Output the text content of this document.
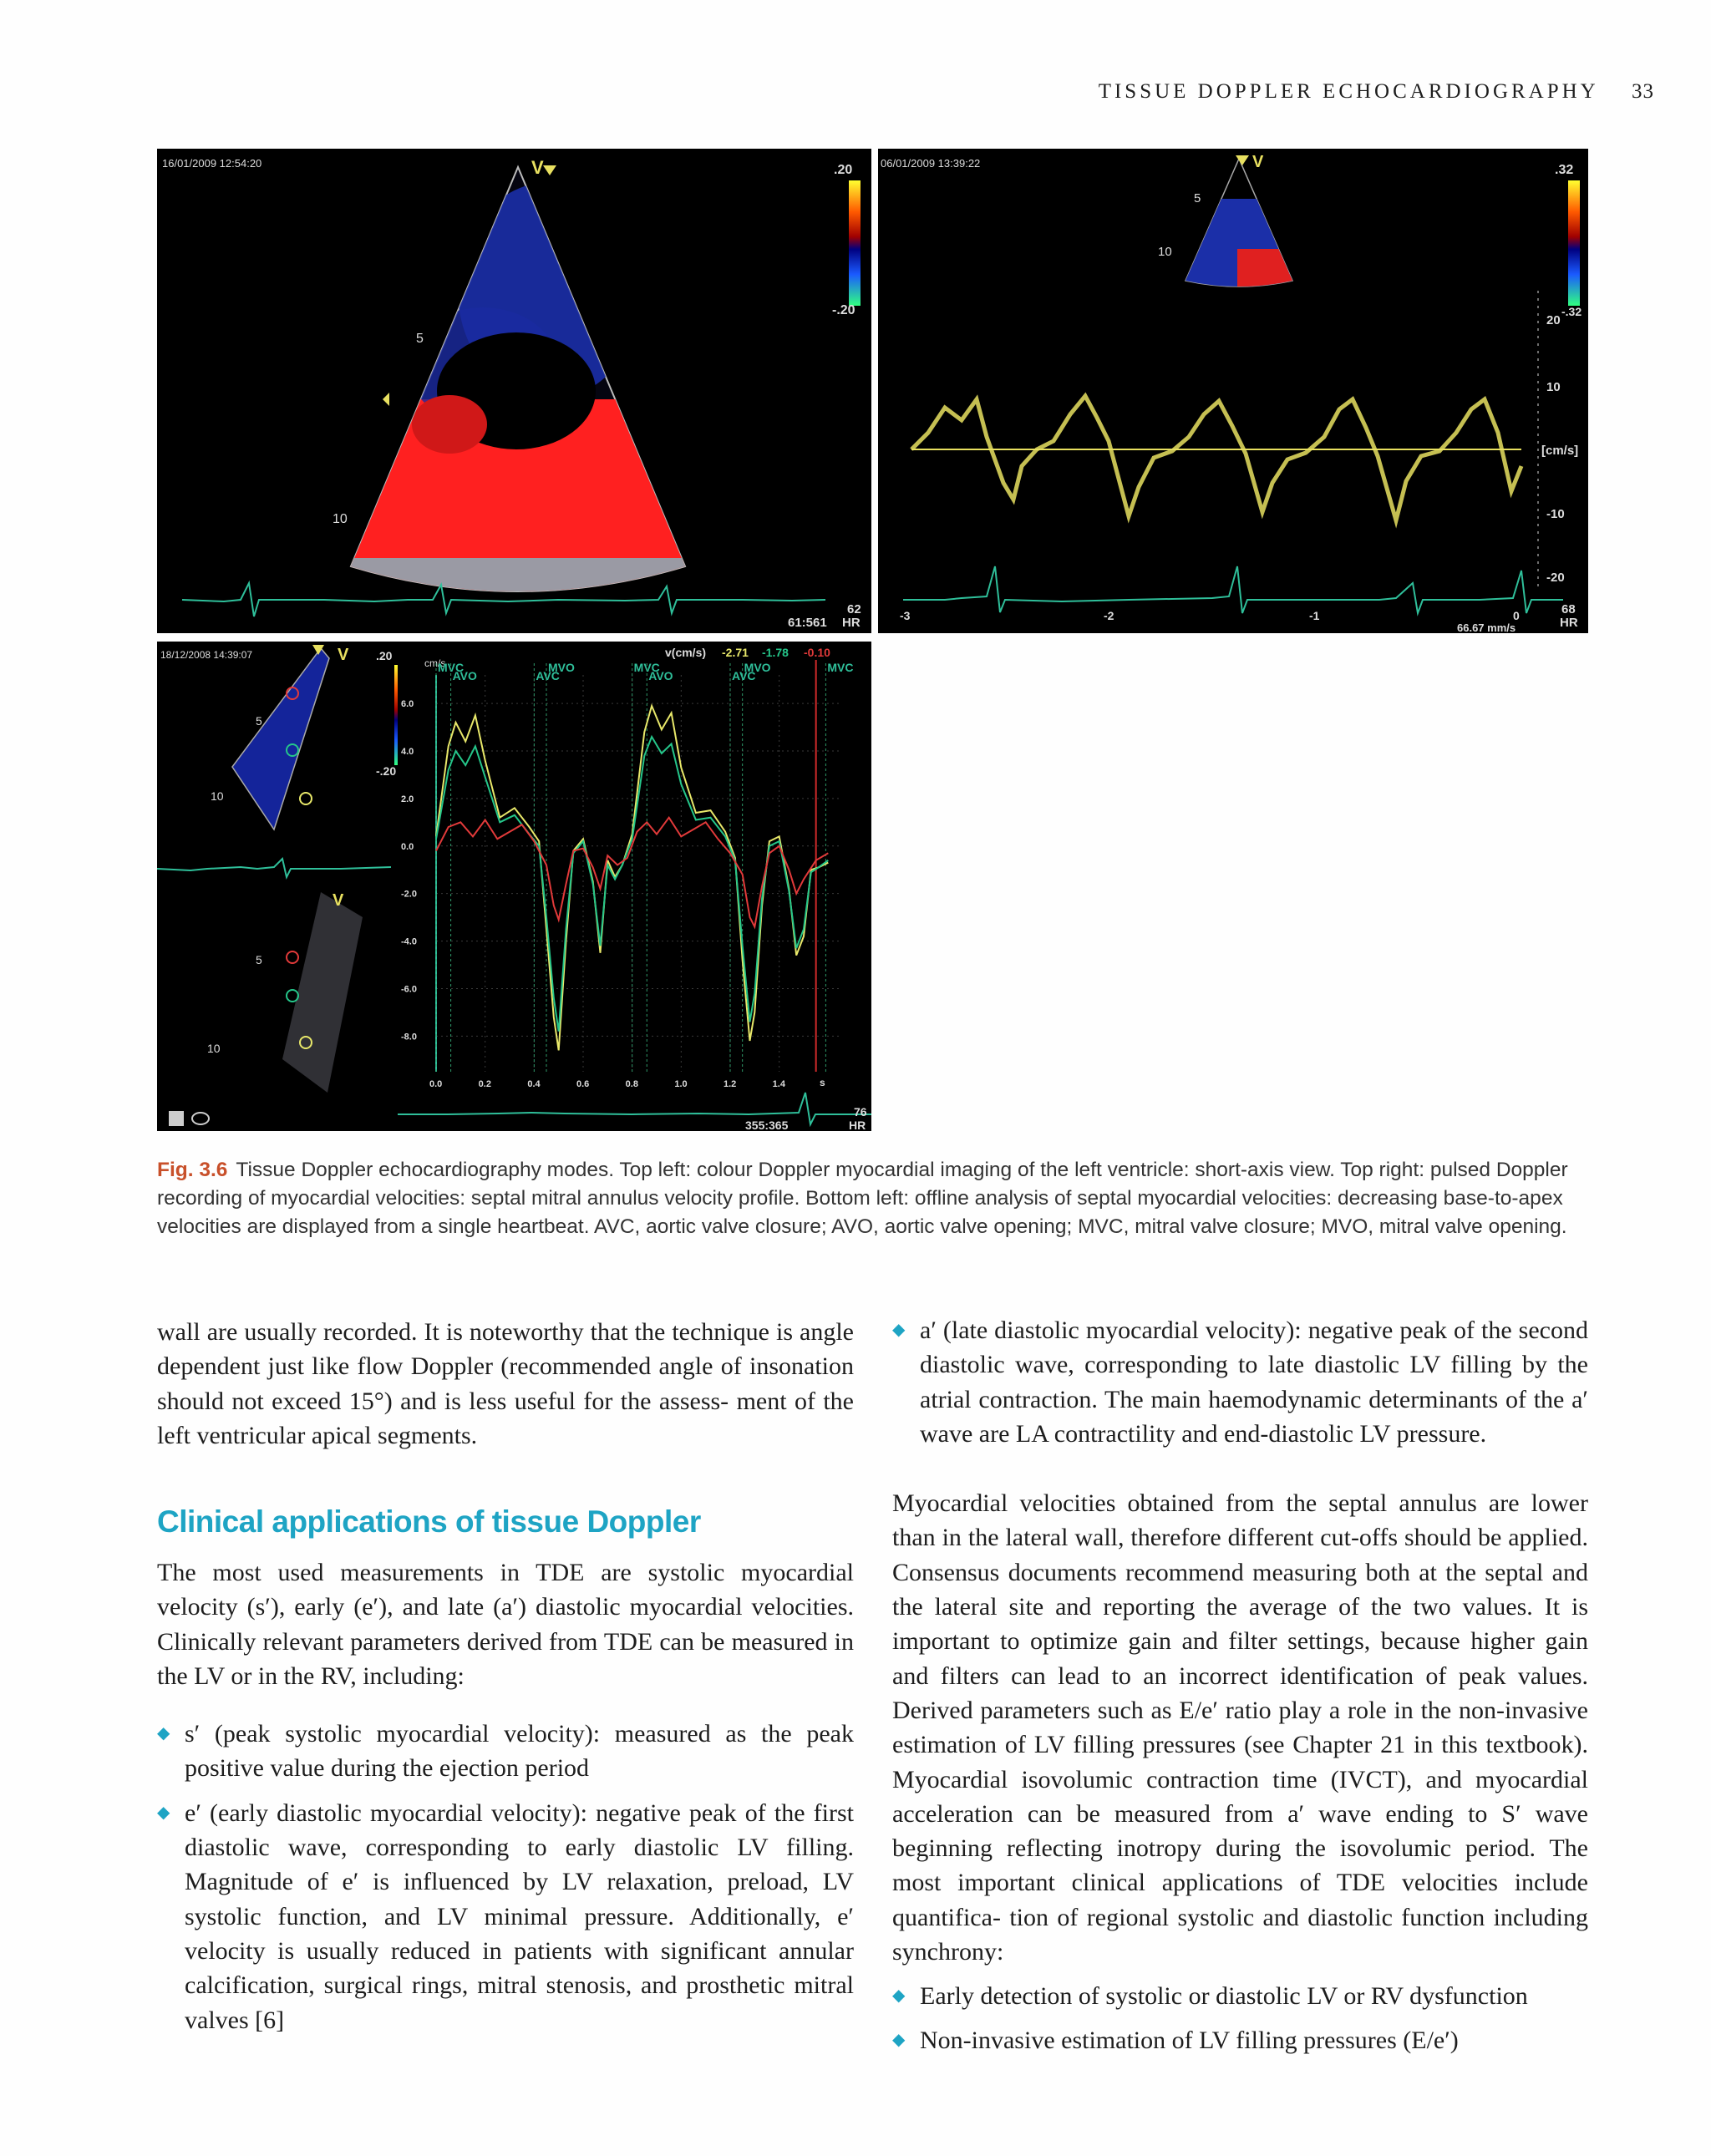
TISSUE DOPPLER ECHOCARDIOGRAPHY 33
V
16/01/2009 12:54:20	.20
-.20
5
10
61:561
62
HR
V
06/01/2009 13:39:22	.32
-.32
5
10
20
10
[cm/s]
-10
-20
-3	-2	-1	0
66.67 mm/s
68
HR
18/12/2008 14:39:07	V .20
-.20
5
10
V
5
10
v(cm/s) -2.71 -1.78 -0.10
cm/s
s
MVC
AVO
MVO
AVC
MVC
AVO
MVO
AVC
MVC
6.0
4.0
2.0
0.0
-2.0
-4.0
-6.0
-8.0
0.0	0.2	0.4	0.6	0.8	1.0	1.2	1.4
355:365
76
HR
Fig. 3.6 Tissue Doppler echocardiography modes. Top left: colour Doppler myocardial imaging of the left ventricle: short-axis view. Top right: pulsed Doppler recording of myocardial velocities: septal mitral annulus velocity profile. Bottom left: offline analysis of septal myocardial velocities: decreasing base-to-apex velocities are displayed from a single heartbeat. AVC, aortic valve closure; AVO, aortic valve opening; MVC, mitral valve closure; MVO, mitral valve opening.

wall are usually recorded. It is noteworthy that the technique is angle dependent just like flow Doppler (recommended angle of insonation should not exceed 15°) and is less useful for the assess- ment of the left ventricular apical segments.

Clinical applications of tissue Doppler

The most used measurements in TDE are systolic myocardial velocity (s′), early (e′), and late (a′) diastolic myocardial velocities. Clinically relevant parameters derived from TDE can be measured in the LV or in the RV, including:

◆ s′ (peak systolic myocardial velocity): measured as the peak positive value during the ejection period
◆ e′ (early diastolic myocardial velocity): negative peak of the first diastolic wave, corresponding to early diastolic LV filling. Magnitude of e′ is influenced by LV relaxation, preload, LV systolic function, and LV minimal pressure. Additionally, e′ velocity is usually reduced in patients with significant annular calcification, surgical rings, mitral stenosis, and prosthetic mitral valves [6]
◆ a′ (late diastolic myocardial velocity): negative peak of the second diastolic wave, corresponding to late diastolic LV filling by the atrial contraction. The main haemodynamic determinants of the a′ wave are LA contractility and end-diastolic LV pressure.

Myocardial velocities obtained from the septal annulus are lower than in the lateral wall, therefore different cut-offs should be applied. Consensus documents recommend measuring both at the septal and the lateral site and reporting the average of the two values. It is important to optimize gain and filter settings, because higher gain and filters can lead to an incorrect identification of peak values. Derived parameters such as E/e′ ratio play a role in the non-invasive estimation of LV filling pressures (see Chapter 21 in this textbook). Myocardial isovolumic contraction time (IVCT), and myocardial acceleration can be measured from a′ wave ending to S′ wave beginning reflecting inotropy during the isovolumic period. The most important clinical applications of TDE velocities include quantifica- tion of regional systolic and diastolic function including synchrony:

◆ Early detection of systolic or diastolic LV or RV dysfunction
◆ Non-invasive estimation of LV filling pressures (E/e′)
